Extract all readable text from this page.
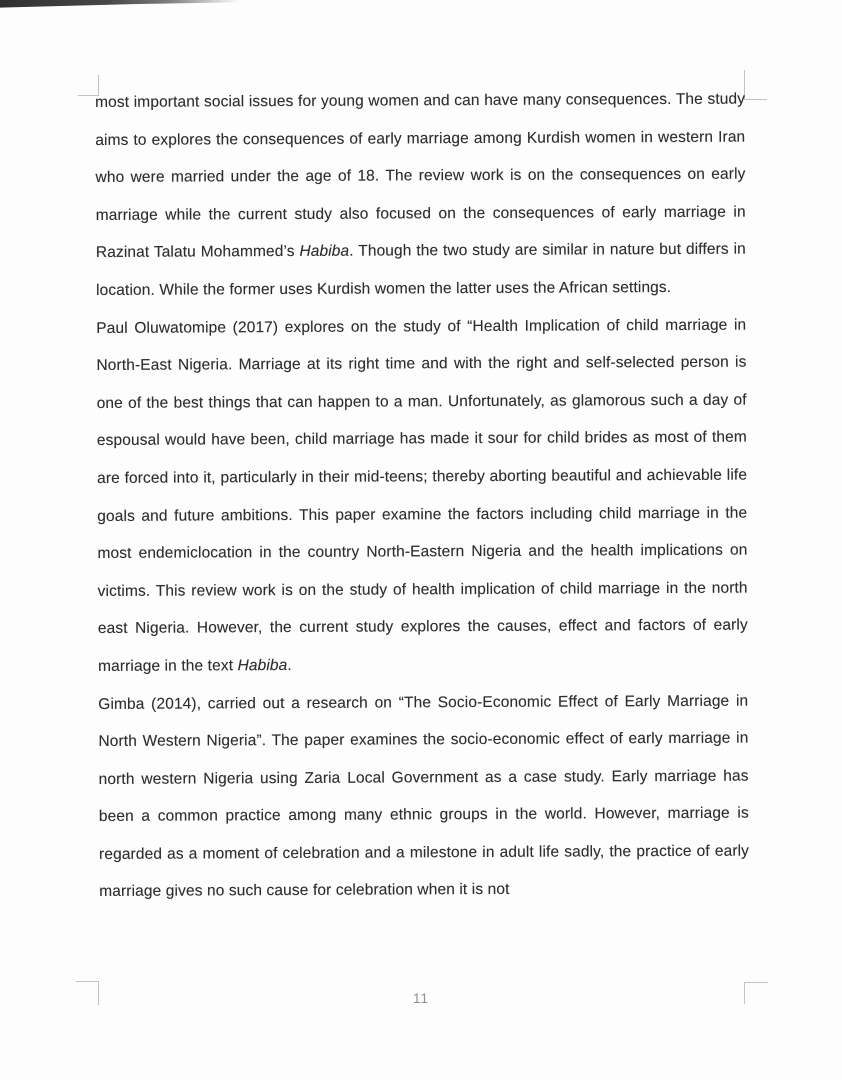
most important social issues for young women and can have many consequences. The study aims to explores the consequences of early marriage among Kurdish women in western Iran who were married under the age of 18. The review work is on the consequences on early marriage while the current study also focused on the consequences of early marriage in Razinat Talatu Mohammed’s Habiba. Though the two study are similar in nature but differs in location. While the former uses Kurdish women the latter uses the African settings.

Paul Oluwatomipe (2017) explores on the study of “Health Implication of child marriage in North-East Nigeria. Marriage at its right time and with the right and self-selected person is one of the best things that can happen to a man. Unfortunately, as glamorous such a day of espousal would have been, child marriage has made it sour for child brides as most of them are forced into it, particularly in their mid-teens; thereby aborting beautiful and achievable life goals and future ambitions. This paper examine the factors including child marriage in the most endemiclocation in the country North-Eastern Nigeria and the health implications on victims. This review work is on the study of health implication of child marriage in the north east Nigeria. However, the current study explores the causes, effect and factors of early marriage in the text Habiba.

Gimba (2014), carried out a research on “The Socio-Economic Effect of Early Marriage in North Western Nigeria”. The paper examines the socio-economic effect of early marriage in north western Nigeria using Zaria Local Government as a case study. Early marriage has been a common practice among many ethnic groups in the world. However, marriage is regarded as a moment of celebration and a milestone in adult life sadly, the practice of early marriage gives no such cause for celebration when it is not

11
